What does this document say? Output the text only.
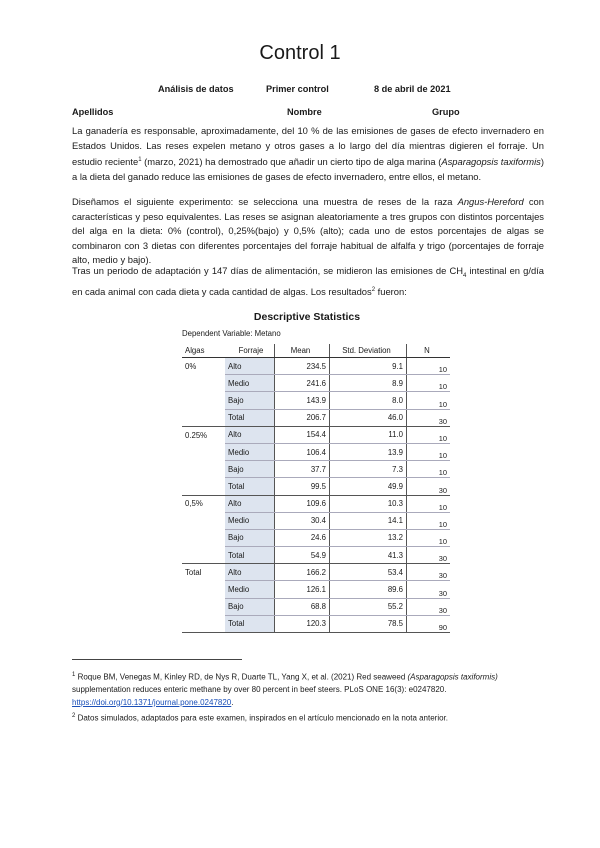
Control 1
Análisis de datos	Primer control	8 de abril de 2021
Apellidos	Nombre	Grupo

La ganadería es responsable, aproximadamente, del 10 % de las emisiones de gases de efecto invernadero en Estados Unidos. Las reses expelen metano y otros gases a lo largo del día mientras digieren el forraje. Un estudio reciente$^1$ (marzo, 2021) ha demostrado que añadir un cierto tipo de alga marina (Asparagopsis taxiformis) a la dieta del ganado reduce las emisiones de gases de efecto invernadero, entre ellos, el metano.

Diseñamos el siguiente experimento: se selecciona una muestra de reses de la raza Angus-Hereford con características y peso equivalentes. Las reses se asignan aleatoriamente a tres grupos con distintos porcentajes del alga en la dieta: 0% (control), 0,25%(bajo) y 0,5% (alto); cada uno de estos porcentajes de algas se combinaron con 3 dietas con diferentes porcentajes del forraje habitual de alfalfa y trigo (porcentajes de forraje alto, medio y bajo).

Tras un periodo de adaptación y 147 días de alimentación, se midieron las emisiones de $CH_4$ intestinal en g/día en cada animal con cada dieta y cada cantidad de algas. Los resultados$^2$ fueron:

Descriptive Statistics
Dependent Variable: Metano
Algas	Forraje	Mean	Std. Deviation	N
0%	Alto	234.5	9.1	10
	Medio	241.6	8.9	10
	Bajo	143.9	8.0	10
	Total	206.7	46.0	30
0.25%	Alto	154.4	11.0	10
	Medio	106.4	13.9	10
	Bajo	37.7	7.3	10
	Total	99.5	49.9	30
0,5%	Alto	109.6	10.3	10
	Medio	30.4	14.1	10
	Bajo	24.6	13.2	10
	Total	54.9	41.3	30
Total	Alto	166.2	53.4	30
	Medio	126.1	89.6	30
	Bajo	68.8	55.2	30
	Total	120.3	78.5	90
$^1$ Roque BM, Venegas M, Kinley RD, de Nys R, Duarte TL, Yang X, et al. (2021) Red seaweed (Asparagopsis taxiformis) supplementation reduces enteric methane by over 80 percent in beef steers. PLoS ONE 16(3): e0247820.
https://doi.org/10.1371/journal.pone.0247820.
$^2$ Datos simulados, adaptados para este examen, inspirados en el artículo mencionado en la nota anterior.
